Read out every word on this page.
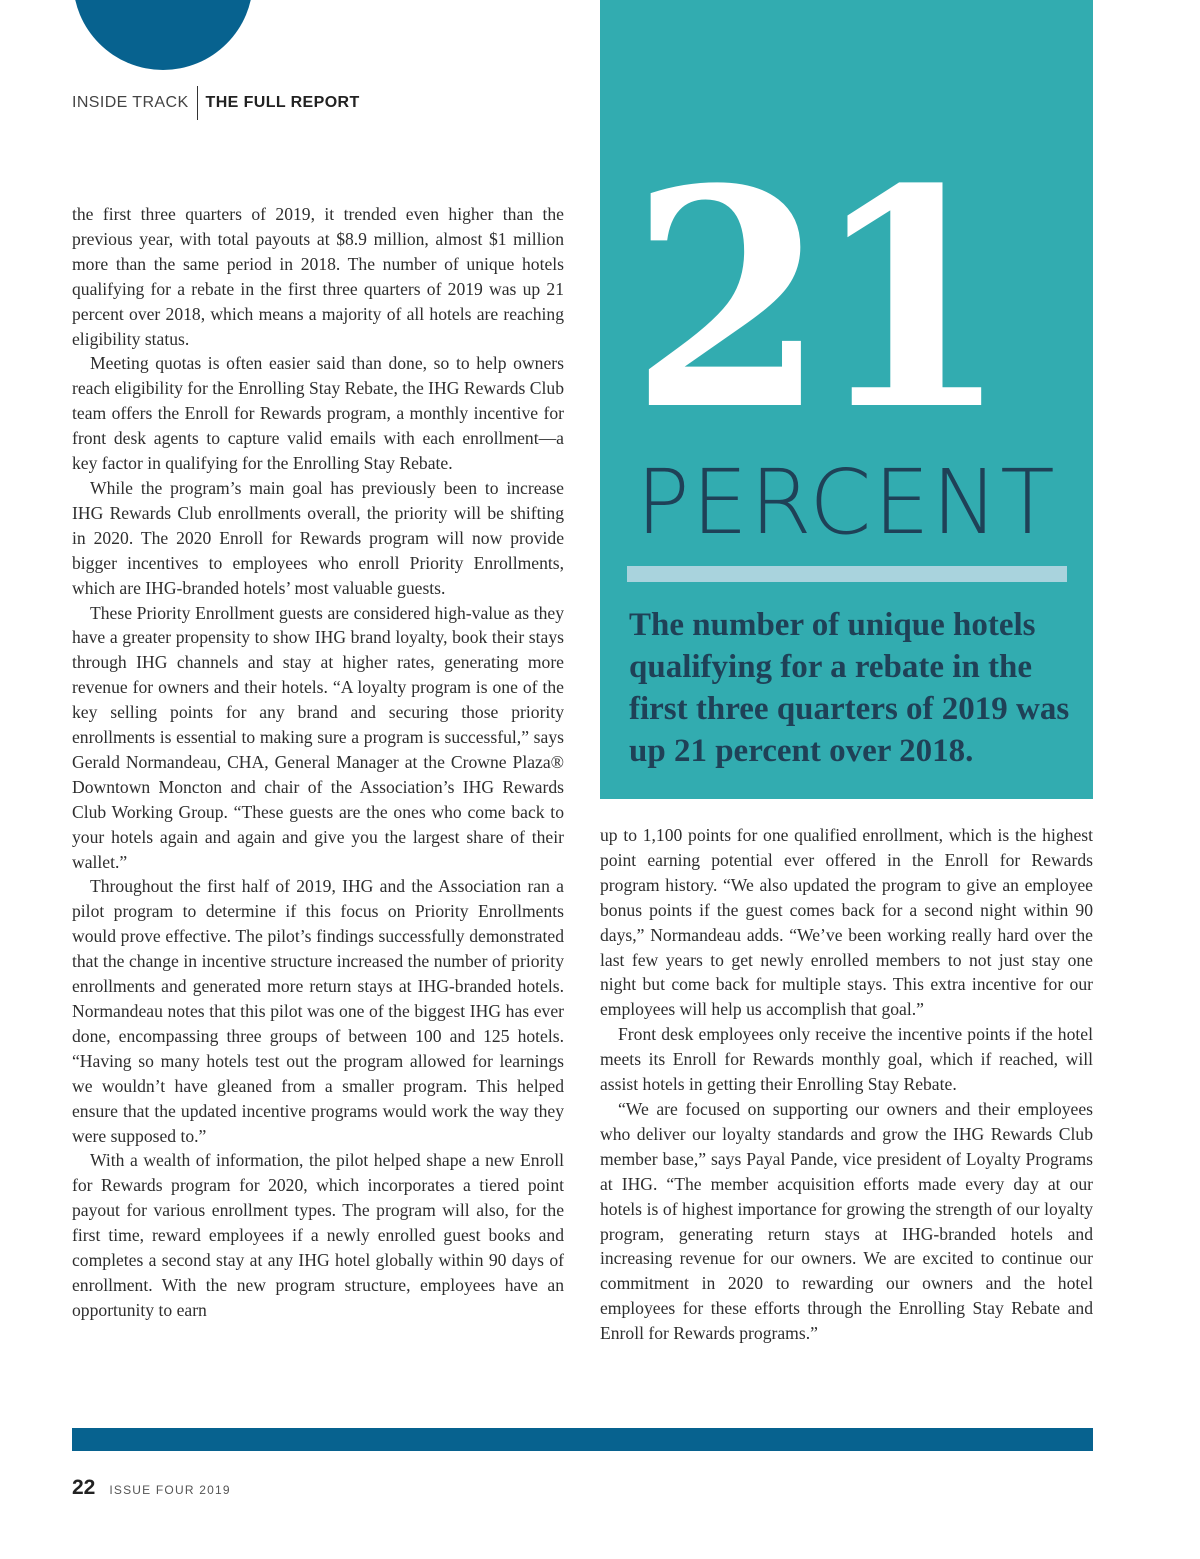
INSIDE TRACK THE FULL REPORT

the first three quarters of 2019, it trended even higher than the previous year, with total payouts at $8.9 million, almost $1 million more than the same period in 2018. The number of unique hotels qualifying for a rebate in the first three quarters of 2019 was up 21 percent over 2018, which means a majority of all hotels are reaching eligibility status.

Meeting quotas is often easier said than done, so to help owners reach eligibility for the Enrolling Stay Rebate, the IHG Rewards Club team offers the Enroll for Rewards program, a monthly incentive for front desk agents to capture valid emails with each enrollment—a key factor in qualifying for the Enrolling Stay Rebate.

While the program’s main goal has previously been to increase IHG Rewards Club enrollments overall, the priority will be shifting in 2020. The 2020 Enroll for Rewards program will now provide bigger incentives to employees who enroll Priority Enrollments, which are IHG-branded hotels’ most valuable guests.

These Priority Enrollment guests are considered high-value as they have a greater propensity to show IHG brand loyalty, book their stays through IHG channels and stay at higher rates, generating more revenue for owners and their hotels. “A loyalty program is one of the key selling points for any brand and securing those priority enrollments is essential to making sure a program is successful,” says Gerald Normandeau, CHA, General Manager at the Crowne Plaza® Downtown Moncton and chair of the Association’s IHG Rewards Club Working Group. “These guests are the ones who come back to your hotels again and again and give you the largest share of their wallet.”

Throughout the first half of 2019, IHG and the Association ran a pilot program to determine if this focus on Priority Enrollments would prove effective. The pilot’s findings successfully demonstrated that the change in incentive structure increased the number of priority enrollments and generated more return stays at IHG-branded hotels. Normandeau notes that this pilot was one of the biggest IHG has ever done, encompassing three groups of between 100 and 125 hotels. “Having so many hotels test out the program allowed for learnings we wouldn’t have gleaned from a smaller program. This helped ensure that the updated incentive programs would work the way they were supposed to.”

With a wealth of information, the pilot helped shape a new Enroll for Rewards program for 2020, which incorporates a tiered point payout for various enrollment types. The program will also, for the first time, reward employees if a newly enrolled guest books and completes a second stay at any IHG hotel globally within 90 days of enrollment. With the new program structure, employees have an opportunity to earn

21
PERCENT
The number of unique hotels qualifying for a rebate in the first three quarters of 2019 was up 21 percent over 2018.

up to 1,100 points for one qualified enrollment, which is the highest point earning potential ever offered in the Enroll for Rewards program history. “We also updated the program to give an employee bonus points if the guest comes back for a second night within 90 days,” Normandeau adds. “We’ve been working really hard over the last few years to get newly enrolled members to not just stay one night but come back for multiple stays. This extra incentive for our employees will help us accomplish that goal.”

Front desk employees only receive the incentive points if the hotel meets its Enroll for Rewards monthly goal, which if reached, will assist hotels in getting their Enrolling Stay Rebate.

“We are focused on supporting our owners and their employees who deliver our loyalty standards and grow the IHG Rewards Club member base,” says Payal Pande, vice president of Loyalty Programs at IHG. “The member acquisition efforts made every day at our hotels is of highest importance for growing the strength of our loyalty program, generating return stays at IHG-branded hotels and increasing revenue for our owners. We are excited to continue our commitment in 2020 to rewarding our owners and the hotel employees for these efforts through the Enrolling Stay Rebate and Enroll for Rewards programs.”

22 ISSUE FOUR 2019
